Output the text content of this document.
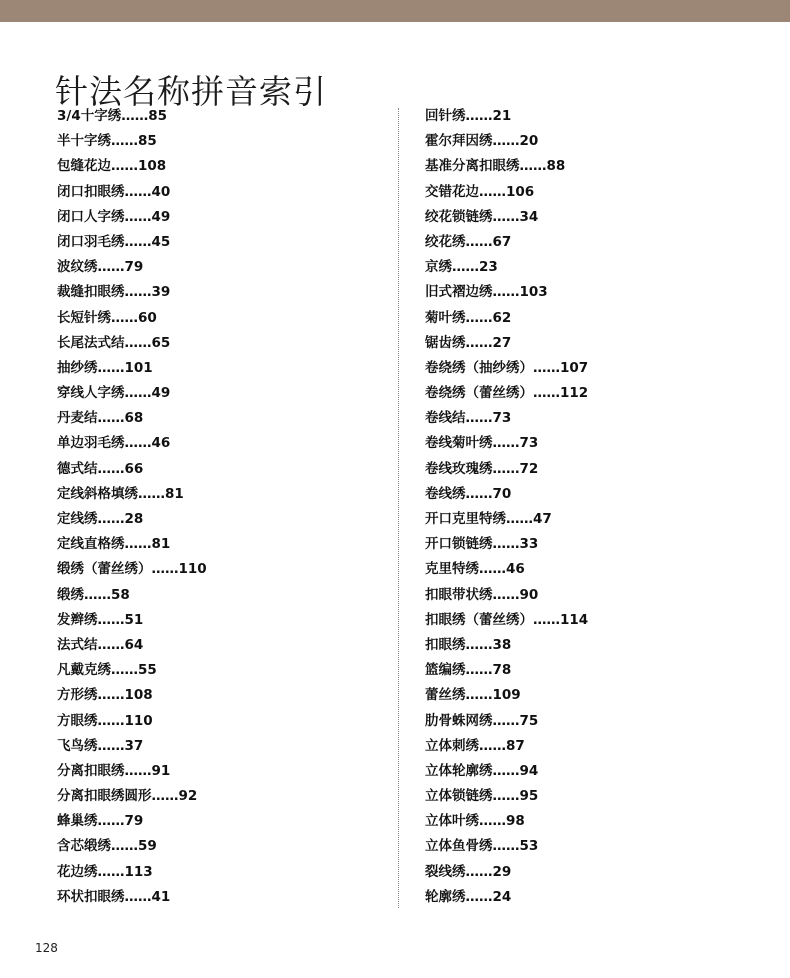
针法名称拼音索引
3/4十字绣……85
半十字绣……85
包缝花边……108
闭口扣眼绣……40
闭口人字绣……49
闭口羽毛绣……45
波纹绣……79
裁缝扣眼绣……39
长短针绣……60
长尾法式结……65
抽纱绣……101
穿线人字绣……49
丹麦结……68
单边羽毛绣……46
德式结……66
定线斜格填绣……81
定线绣……28
定线直格绣……81
缎绣（蕾丝绣）……110
缎绣……58
发辫绣……51
法式结……64
凡戴克绣……55
方形绣……108
方眼绣……110
飞鸟绣……37
分离扣眼绣……91
分离扣眼绣圆形……92
蜂巢绣……79
含芯缎绣……59
花边绣……113
环状扣眼绣……41
回针绣……21
霍尔拜因绣……20
基准分离扣眼绣……88
交错花边……106
绞花锁链绣……34
绞花绣……67
京绣……23
旧式褶边绣……103
菊叶绣……62
锯齿绣……27
卷绕绣（抽纱绣）……107
卷绕绣（蕾丝绣）……112
卷线结……73
卷线菊叶绣……73
卷线玫瑰绣……72
卷线绣……70
开口克里特绣……47
开口锁链绣……33
克里特绣……46
扣眼带状绣……90
扣眼绣（蕾丝绣）……114
扣眼绣……38
篮编绣……78
蕾丝绣……109
肋骨蛛网绣……75
立体刺绣……87
立体轮廓绣……94
立体锁链绣……95
立体叶绣……98
立体鱼骨绣……53
裂线绣……29
轮廓绣……24
128
